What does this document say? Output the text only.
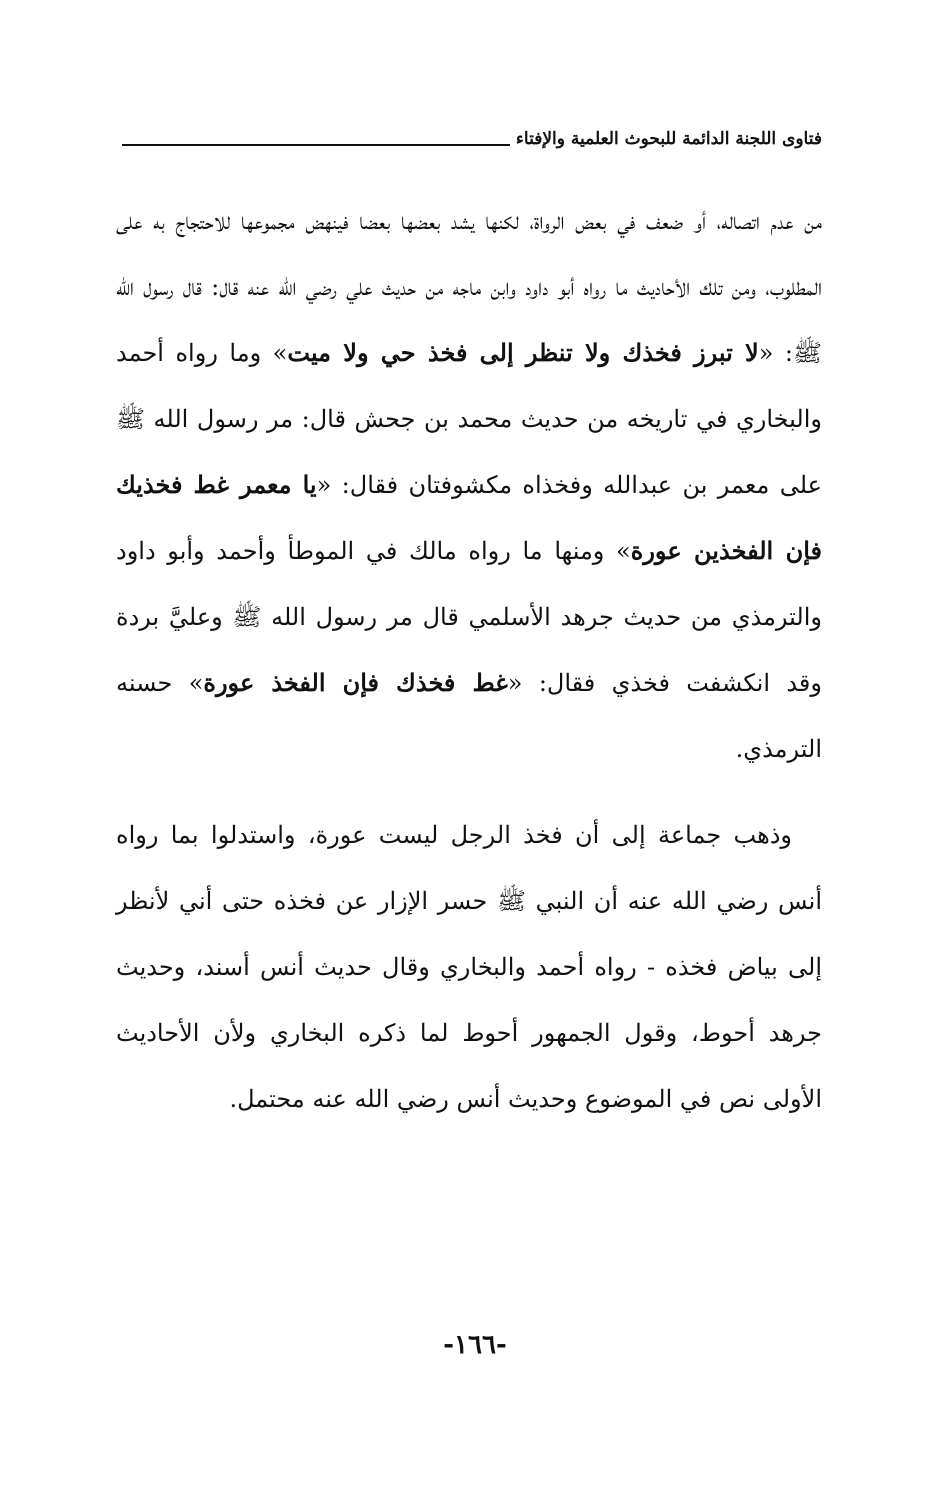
فتاوى اللجنة الدائمة للبحوث العلمية والإفتاء

من عدم اتصاله، أو ضعف في بعض الرواة، لكنها يشد بعضها بعضا فينهض مجموعها للاحتجاج به على المطلوب، ومن تلك الأحاديث ما رواه أبو داود وابن ماجه من حديث علي رضي الله عنه قال: قال رسول الله ﷺ: «لا تبرز فخذك ولا تنظر إلى فخذ حي ولا ميت» وما رواه أحمد والبخاري في تاريخه من حديث محمد بن جحش قال: مر رسول الله ﷺ على معمر بن عبدالله وفخذاه مكشوفتان فقال: «يا معمر غط فخذيك فإن الفخذين عورة» ومنها ما رواه مالك في الموطأ وأحمد وأبو داود والترمذي من حديث جرهد الأسلمي قال مر رسول الله ﷺ وعليَّ بردة وقد انكشفت فخذي فقال: «غط فخذك فإن الفخذ عورة» حسنه الترمذي.

وذهب جماعة إلى أن فخذ الرجل ليست عورة، واستدلوا بما رواه أنس رضي الله عنه أن النبي ﷺ حسر الإزار عن فخذه حتى أني لأنظر إلى بياض فخذه - رواه أحمد والبخاري وقال حديث أنس أسند، وحديث جرهد أحوط، وقول الجمهور أحوط لما ذكره البخاري ولأن الأحاديث الأولى نص في الموضوع وحديث أنس رضي الله عنه محتمل.

-١٦٦-
